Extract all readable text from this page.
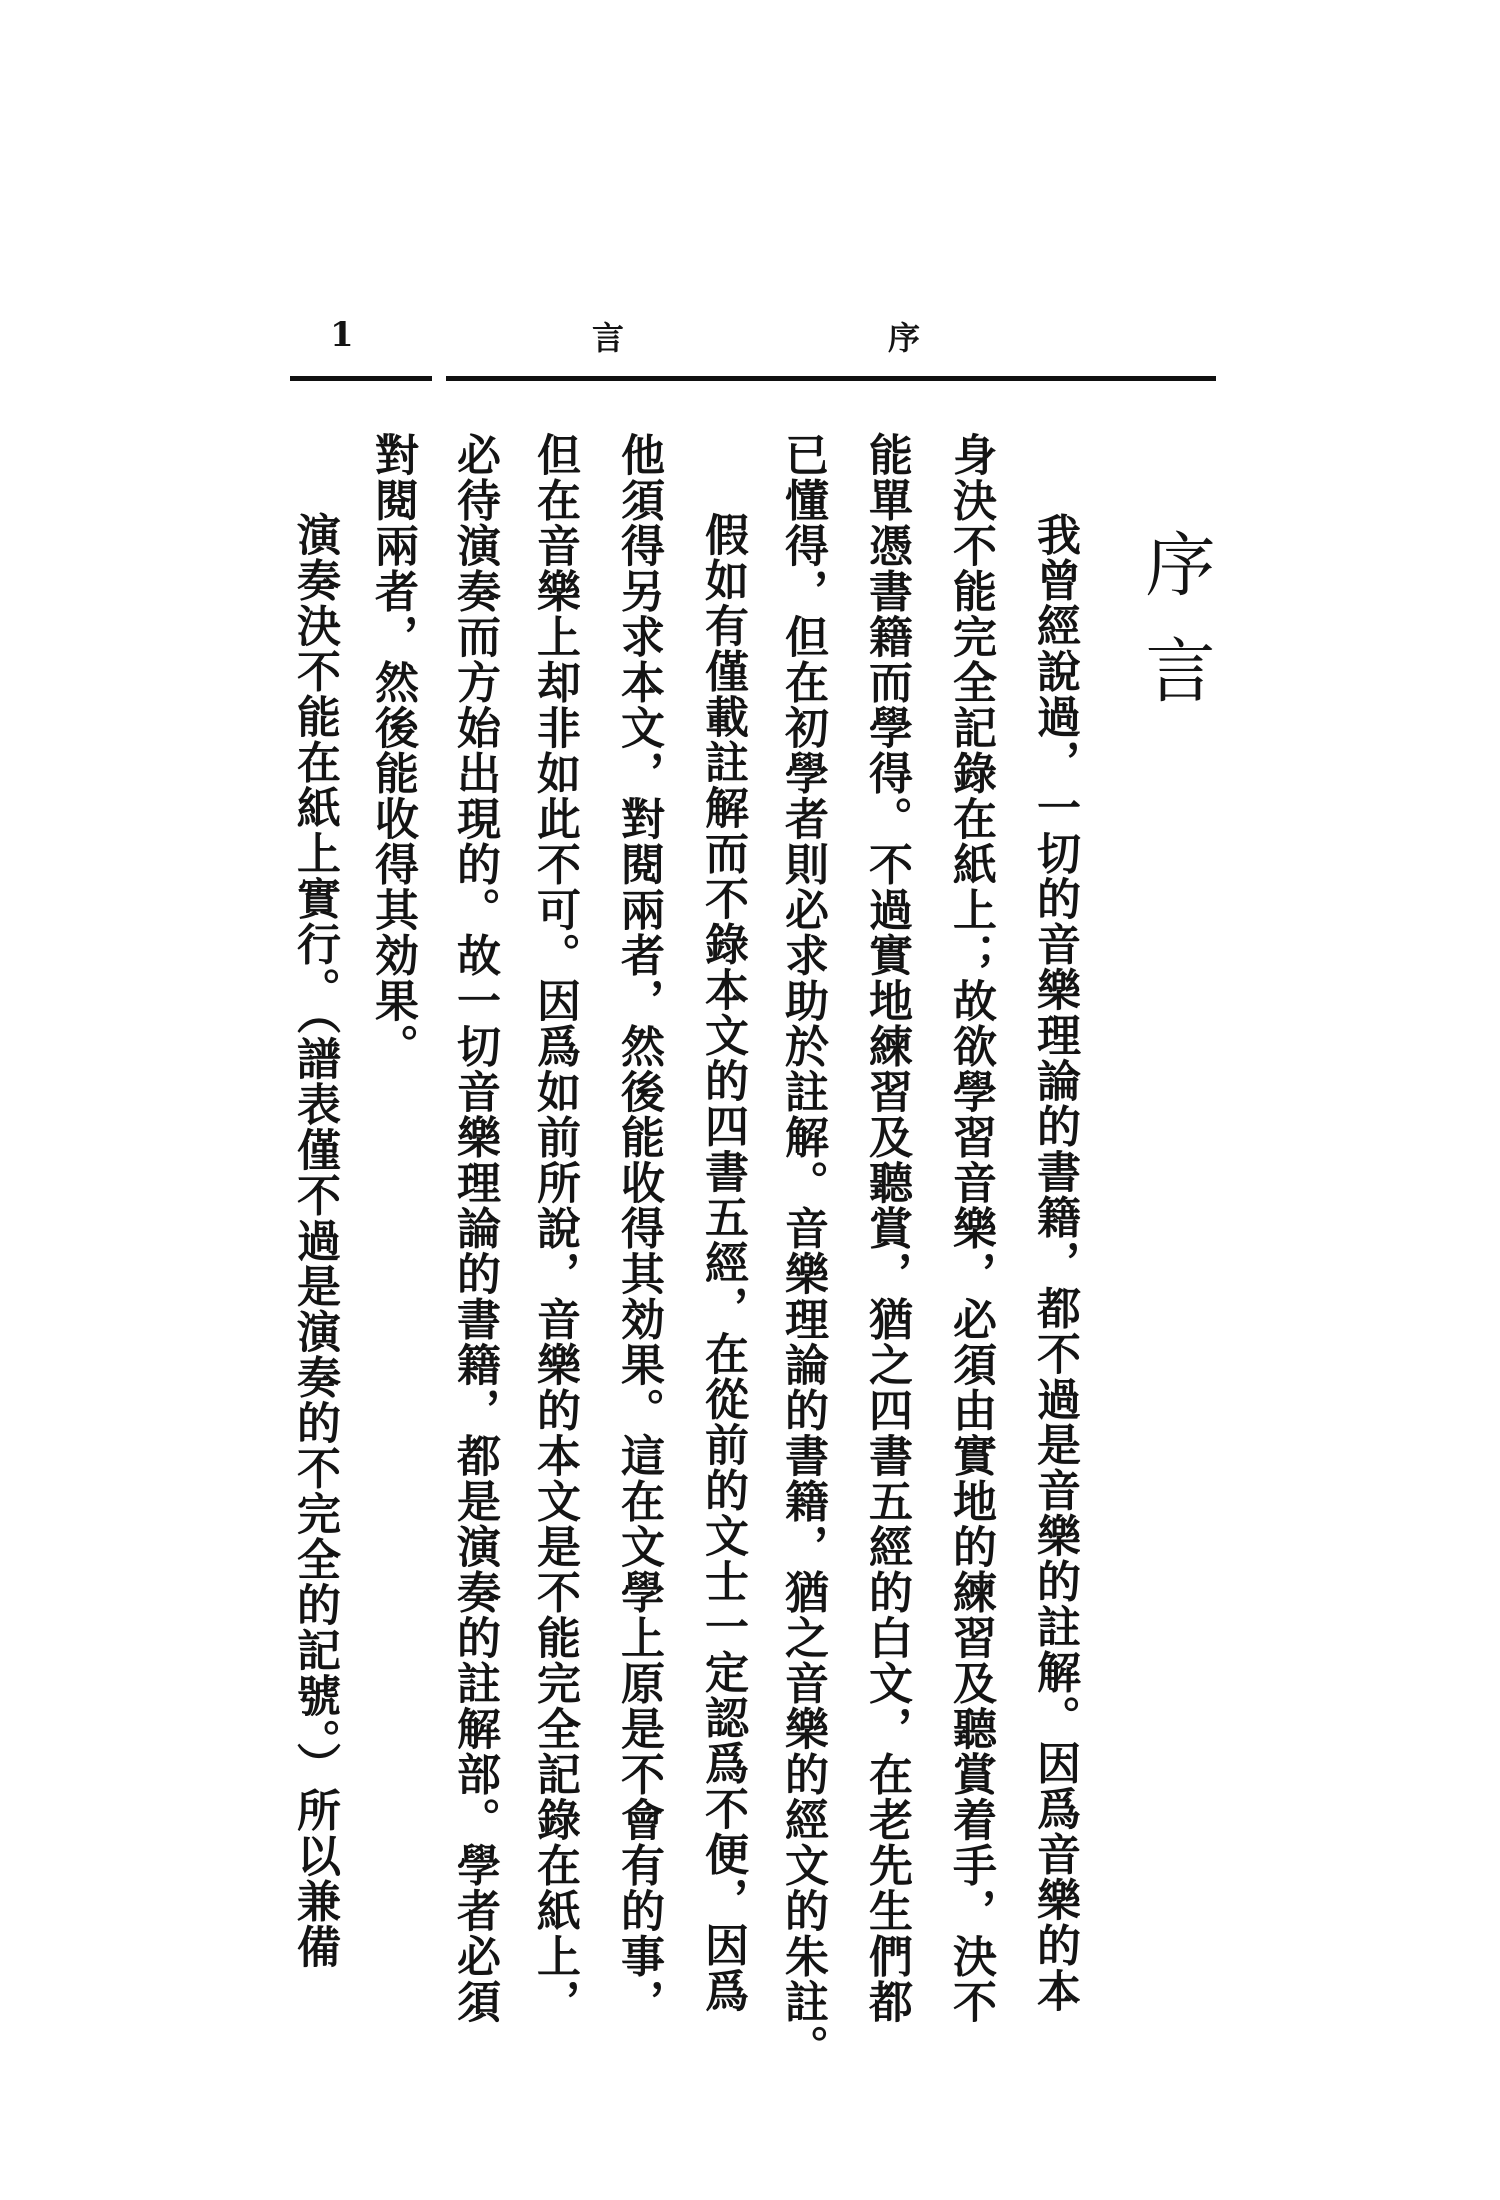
1	言	序
序言
我曾經說過，一切的音樂理論的書籍，都不過是音樂的註解。因爲音樂的本
身決不能完全記錄在紙上；故欲學習音樂，必須由實地的練習及聽賞着手，決不
能單憑書籍而學得。不過實地練習及聽賞，猶之四書五經的白文，在老先生們都
已懂得，但在初學者則必求助於註解。音樂理論的書籍，猶之音樂的經文的朱註。
假如有僅載註解而不錄本文的四書五經，在從前的文士一定認爲不便，因爲
他須得另求本文，對閱兩者，然後能收得其効果。這在文學上原是不會有的事，
但在音樂上却非如此不可。因爲如前所說，音樂的本文是不能完全記錄在紙上，
必待演奏而方始出現的。故一切音樂理論的書籍，都是演奏的註解部。學者必須
對閱兩者，然後能收得其効果。
演奏決不能在紙上實行。（譜表僅不過是演奏的不完全的記號。）所以兼備
